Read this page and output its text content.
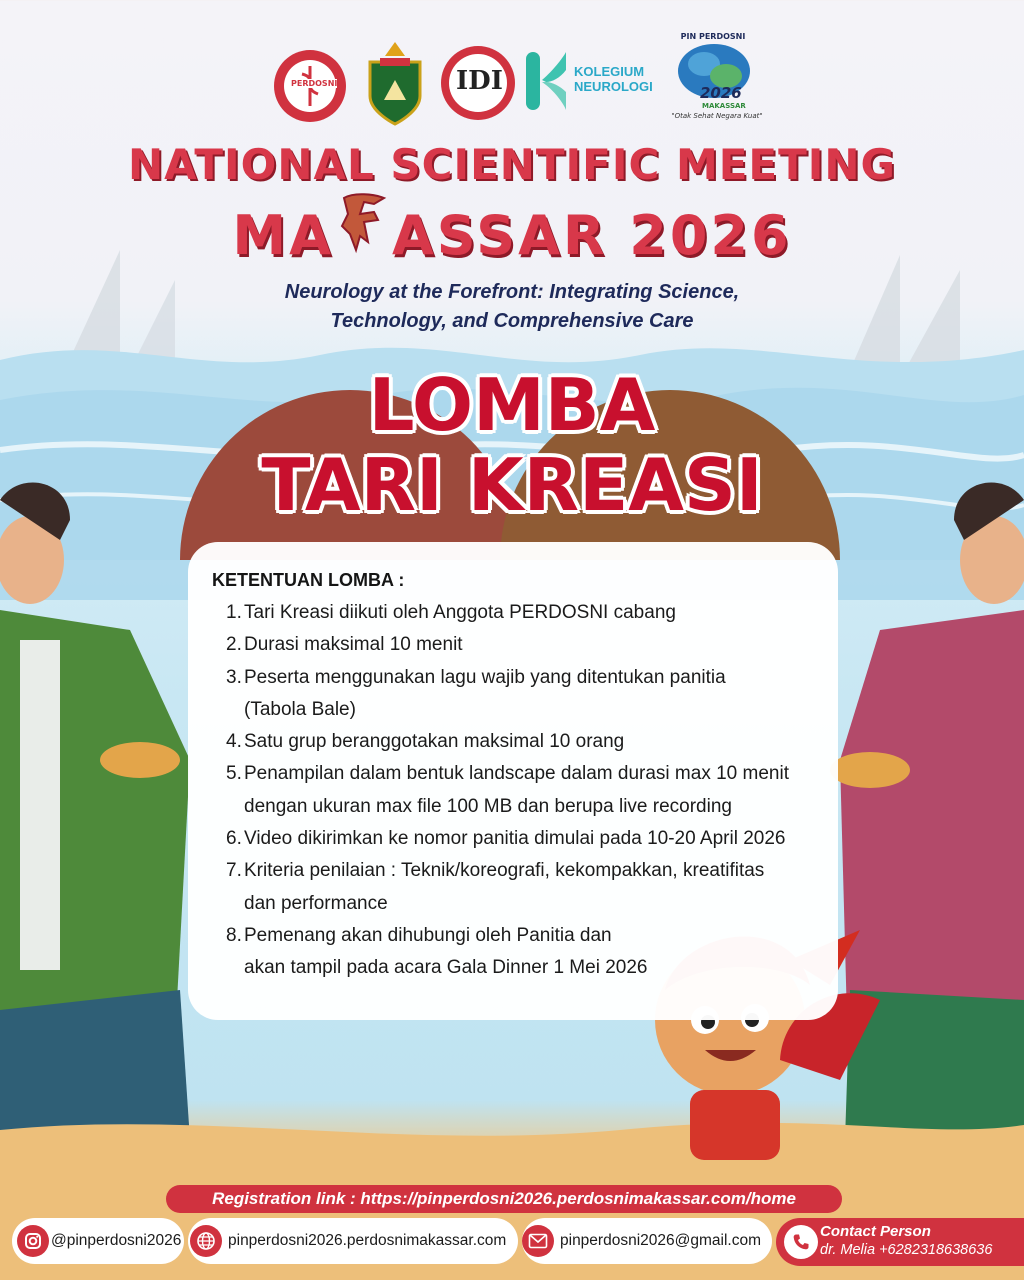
PERDOSNI	IDI	KOLEGIUM
NEUROLOGI
PIN PERDOSNI
2026
MAKASSAR
"Otak Sehat Negara Kuat"
NATIONAL SCIENTIFIC MEETING
MA ASSAR 2026
Neurology at the Forefront: Integrating Science,
Technology, and Comprehensive Care
LOMBA
TARI KREASI
KETENTUAN LOMBA :
1. Tari Kreasi diikuti oleh Anggota PERDOSNI cabang
2. Durasi maksimal 10 menit
3. Peserta menggunakan lagu wajib yang ditentukan panitia
(Tabola Bale)
4. Satu grup beranggotakan maksimal 10 orang
5. Penampilan dalam bentuk landscape dalam durasi max 10 menit
dengan ukuran max file 100 MB dan berupa live recording
6. Video dikirimkan ke nomor panitia dimulai pada 10-20 April 2026
7. Kriteria penilaian : Teknik/koreografi, kekompakkan, kreatifitas
dan performance
8. Pemenang akan dihubungi oleh Panitia dan
akan tampil pada acara Gala Dinner 1 Mei 2026
Registration link : https://pinperdosni2026.perdosnimakassar.com/home
@pinperdosni2026	pinperdosni2026.perdosnimakassar.com	pinperdosni2026@gmail.com
Contact Person
dr. Melia +6282318638636
